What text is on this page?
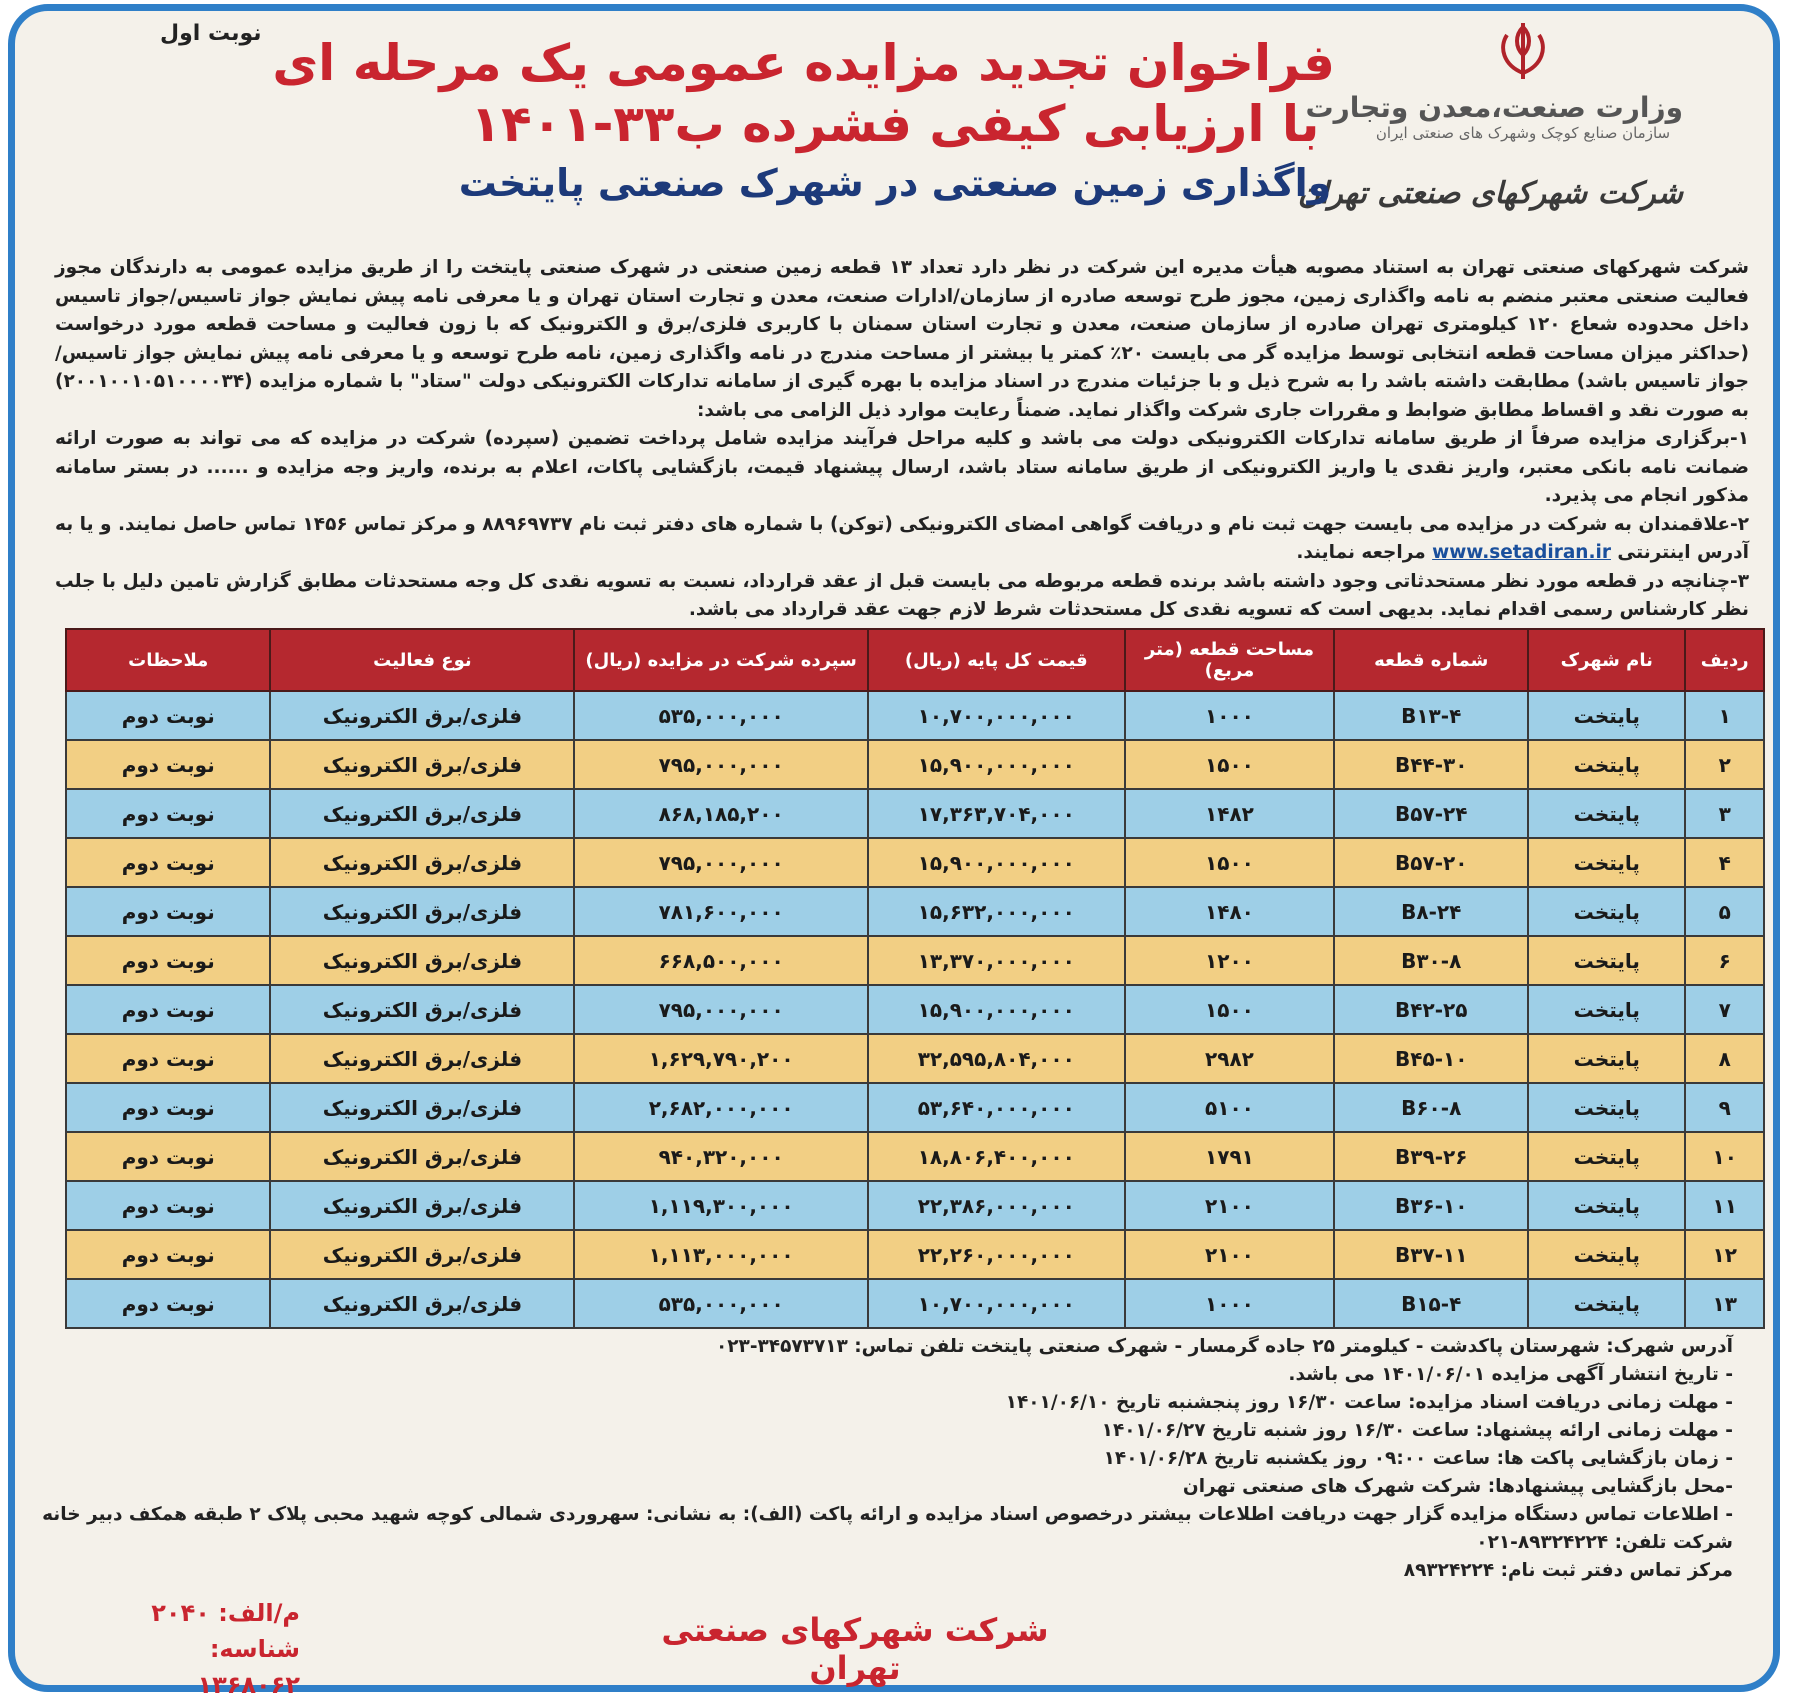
نوبت اول
وزارت صنعت،معدن وتجارت
سازمان صنایع کوچک وشهرک های صنعتی ایران
شرکت شهرکهای صنعتی تهران
فراخوان تجدید مزایده عمومی یک مرحله ای
با ارزیابی کیفی فشرده ب۳۳-۱۴۰۱
واگذاری زمین صنعتی در شهرک صنعتی پایتخت

شرکت شهرکهای صنعتی تهران به استناد مصوبه هیأت مدیره این شرکت در نظر دارد تعداد ۱۳ قطعه زمین صنعتی در شهرک صنعتی پایتخت را از طریق مزایده عمومی به دارندگان مجوز فعالیت صنعتی معتبر منضم به نامه واگذاری زمین، مجوز طرح توسعه صادره از سازمان/ادارات صنعت، معدن و تجارت استان تهران و یا معرفی نامه پیش نمایش جواز تاسیس/جواز تاسیس داخل محدوده شعاع ۱۲۰ کیلومتری تهران صادره از سازمان صنعت، معدن و تجارت استان سمنان با کاربری فلزی/برق و الکترونیک که با زون فعالیت و مساحت قطعه مورد درخواست (حداکثر میزان مساحت قطعه انتخابی توسط مزایده گر می بایست ۲۰٪ کمتر یا بیشتر از مساحت مندرج در نامه واگذاری زمین، نامه طرح توسعه و یا معرفی نامه پیش نمایش جواز تاسیس/ جواز تاسیس باشد) مطابقت داشته باشد را به شرح ذیل و با جزئیات مندرج در اسناد مزایده با بهره گیری از سامانه تدارکات الکترونیکی دولت "ستاد" با شماره مزایده (۲۰۰۱۰۰۱۰۵۱۰۰۰۰۳۴) به صورت نقد و اقساط مطابق ضوابط و مقررات جاری شرکت واگذار نماید. ضمناً رعایت موارد ذیل الزامی می باشد:

۱-برگزاری مزایده صرفاً از طریق سامانه تدارکات الکترونیکی دولت می باشد و کلیه مراحل فرآیند مزایده شامل پرداخت تضمین (سپرده) شرکت در مزایده که می تواند به صورت ارائه ضمانت نامه بانکی معتبر، واریز نقدی یا واریز الکترونیکی از طریق سامانه ستاد باشد، ارسال پیشنهاد قیمت، بازگشایی پاکات، اعلام به برنده، واریز وجه مزایده و ...... در بستر سامانه مذکور انجام می پذیرد.

۲-علاقمندان به شرکت در مزایده می بایست جهت ثبت نام و دریافت گواهی امضای الکترونیکی (توکن) با شماره های دفتر ثبت نام ۸۸۹۶۹۷۳۷ و مرکز تماس ۱۴۵۶ تماس حاصل نمایند. و یا به آدرس اینترنتی www.setadiran.ir مراجعه نمایند.

۳-چنانچه در قطعه مورد نظر مستحدثاتی وجود داشته باشد برنده قطعه مربوطه می بایست قبل از عقد قرارداد، نسبت به تسویه نقدی کل وجه مستحدثات مطابق گزارش تامین دلیل با جلب نظر کارشناس رسمی اقدام نماید. بدیهی است که تسویه نقدی کل مستحدثات شرط لازم جهت عقد قرارداد می باشد.

ردیف	نام شهرک	شماره قطعه	مساحت قطعه (متر مربع)	قیمت کل پایه (ریال)	سپرده شرکت در مزایده (ریال)	نوع فعالیت	ملاحظات
۱	پایتخت	۴-B۱۳	۱۰۰۰	۱۰,۷۰۰,۰۰۰,۰۰۰	۵۳۵,۰۰۰,۰۰۰	فلزی/برق الکترونیک	نوبت دوم
۲	پایتخت	۳۰-B۴۴	۱۵۰۰	۱۵,۹۰۰,۰۰۰,۰۰۰	۷۹۵,۰۰۰,۰۰۰	فلزی/برق الکترونیک	نوبت دوم
۳	پایتخت	۲۴-B۵۷	۱۴۸۲	۱۷,۳۶۳,۷۰۴,۰۰۰	۸۶۸,۱۸۵,۲۰۰	فلزی/برق الکترونیک	نوبت دوم
۴	پایتخت	۲۰-B۵۷	۱۵۰۰	۱۵,۹۰۰,۰۰۰,۰۰۰	۷۹۵,۰۰۰,۰۰۰	فلزی/برق الکترونیک	نوبت دوم
۵	پایتخت	۲۴-B۸	۱۴۸۰	۱۵,۶۳۲,۰۰۰,۰۰۰	۷۸۱,۶۰۰,۰۰۰	فلزی/برق الکترونیک	نوبت دوم
۶	پایتخت	۸-B۳۰	۱۲۰۰	۱۳,۳۷۰,۰۰۰,۰۰۰	۶۶۸,۵۰۰,۰۰۰	فلزی/برق الکترونیک	نوبت دوم
۷	پایتخت	۲۵-B۴۲	۱۵۰۰	۱۵,۹۰۰,۰۰۰,۰۰۰	۷۹۵,۰۰۰,۰۰۰	فلزی/برق الکترونیک	نوبت دوم
۸	پایتخت	۱۰-B۴۵	۲۹۸۲	۳۲,۵۹۵,۸۰۴,۰۰۰	۱,۶۲۹,۷۹۰,۲۰۰	فلزی/برق الکترونیک	نوبت دوم
۹	پایتخت	۸-B۶۰	۵۱۰۰	۵۳,۶۴۰,۰۰۰,۰۰۰	۲,۶۸۲,۰۰۰,۰۰۰	فلزی/برق الکترونیک	نوبت دوم
۱۰	پایتخت	۲۶-B۳۹	۱۷۹۱	۱۸,۸۰۶,۴۰۰,۰۰۰	۹۴۰,۳۲۰,۰۰۰	فلزی/برق الکترونیک	نوبت دوم
۱۱	پایتخت	۱۰-B۳۶	۲۱۰۰	۲۲,۳۸۶,۰۰۰,۰۰۰	۱,۱۱۹,۳۰۰,۰۰۰	فلزی/برق الکترونیک	نوبت دوم
۱۲	پایتخت	۱۱-B۳۷	۲۱۰۰	۲۲,۲۶۰,۰۰۰,۰۰۰	۱,۱۱۳,۰۰۰,۰۰۰	فلزی/برق الکترونیک	نوبت دوم
۱۳	پایتخت	۴-B۱۵	۱۰۰۰	۱۰,۷۰۰,۰۰۰,۰۰۰	۵۳۵,۰۰۰,۰۰۰	فلزی/برق الکترونیک	نوبت دوم

آدرس شهرک: شهرستان پاکدشت - کیلومتر ۲۵ جاده گرمسار - شهرک صنعتی پایتخت تلفن تماس: ۳۴۵۷۳۷۱۳-۰۲۳

- تاریخ انتشار آگهی مزایده ۱۴۰۱/۰۶/۰۱ می باشد.

- مهلت زمانی دریافت اسناد مزایده: ساعت ۱۶/۳۰ روز پنجشنبه تاریخ ۱۴۰۱/۰۶/۱۰

- مهلت زمانی ارائه پیشنهاد: ساعت ۱۶/۳۰ روز شنبه تاریخ ۱۴۰۱/۰۶/۲۷

- زمان بازگشایی پاکت ها: ساعت ۰۹:۰۰ روز یکشنبه تاریخ ۱۴۰۱/۰۶/۲۸

-محل بازگشایی پیشنهادها: شرکت شهرک های صنعتی تهران

- اطلاعات تماس دستگاه مزایده گزار جهت دریافت اطلاعات بیشتر درخصوص اسناد مزایده و ارائه پاکت (الف): به نشانی: سهروردی شمالی کوچه شهید محبی پلاک ۲ طبقه همکف دبیر خانه شرکت تلفن: ۸۹۳۲۴۲۲۴-۰۲۱

مرکز تماس دفتر ثبت نام: ۸۹۳۲۴۲۲۴

شرکت شهرکهای صنعتی تهران
م/الف: ۲۰۴۰
شناسه: ۱۳۶۸۰۶۲
